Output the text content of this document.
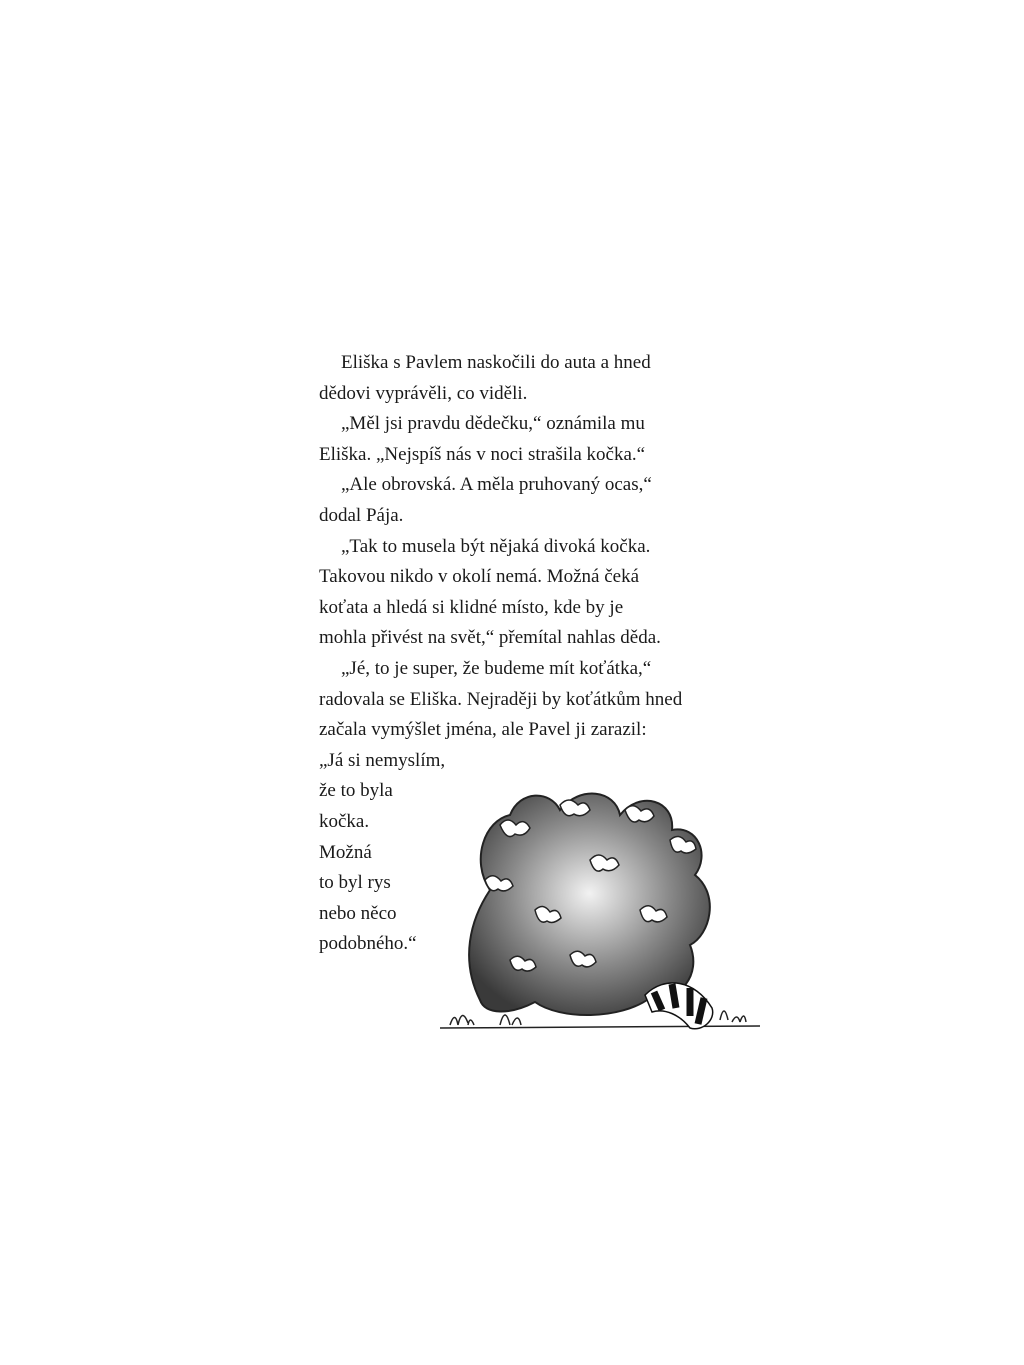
Eliška s Pavlem naskočili do auta a hned
dědovi vyprávěli, co viděli.
„Měl jsi pravdu dědečku,“ oznámila mu
Eliška. „Nejspíš nás v noci strašila kočka.“
„Ale obrovská. A měla pruhovaný ocas,“
dodal Pája.
„Tak to musela být nějaká divoká kočka.
Takovou nikdo v okolí nemá. Možná čeká
koťata a hledá si klidné místo, kde by je
mohla přivést na svět,“ přemítal nahlas děda.
„Jé, to je super, že budeme mít koťátka,“
radovala se Eliška. Nejraději by koťátkům hned
začala vymýšlet jména, ale Pavel ji zarazil:
„Já si nemyslím,
že to byla
kočka.
Možná
to byl rys
nebo něco
podobného.“
